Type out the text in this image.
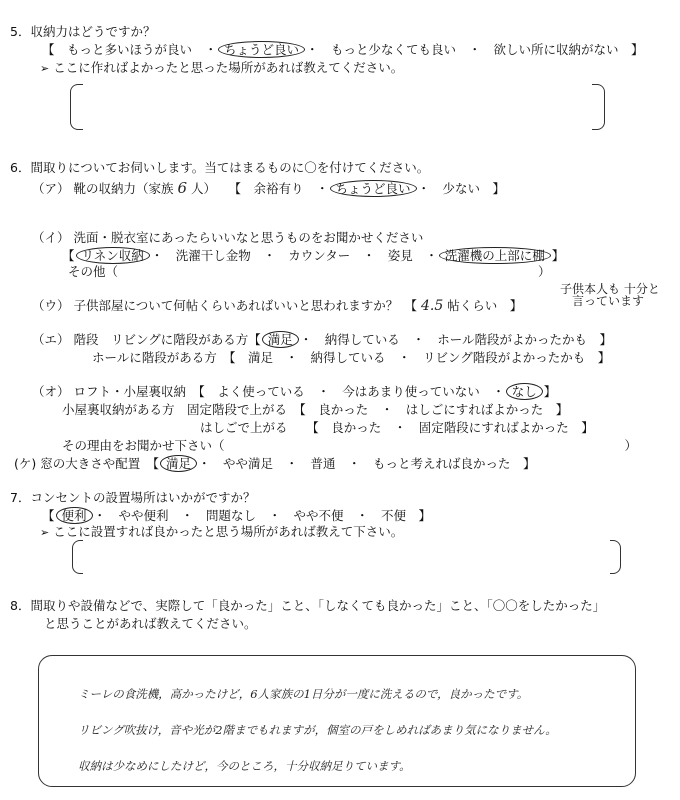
5．収納力はどうですか？
【　もっと多いほうが良い　・ ちょうど良い ・　もっと少なくても良い　・　欲しい所に収納がない　】
➢ ここに作ればよかったと思った場所があれば教えてください。
6．間取りについてお伺いします。当てはまるものに〇を付けてください。
（ア） 靴の収納力（家族 6 人）　　【　余裕有り　・ ちょうど良い ・　少ない　】
（イ） 洗面・脱衣室にあったらいいなと思うものをお聞かせください
【 リネン収納 ・　洗濯干し金物　・　カウンター　・　姿見　・ 洗濯機の上部に棚 】
その他（	）
（ウ） 子供部屋について何帖くらいあればいいと思われますか？　【 4.5 帖くらい　】
子供本人も 十分と
言っています
（エ） 階段　リビングに階段がある方【 満足 ・　納得している　・　ホール階段がよかったかも　】
ホールに階段がある方　【　満足　・　納得している　・　リビング階段がよかったかも　】
（オ） ロフト・小屋裏収納　【　よく使っている　・　今はあまり使っていない　・ なし 】
小屋裏収納がある方　固定階段で上がる　【　良かった　・　はしごにすればよかった　】
はしごで上がる　　【　良かった　・　固定階段にすればよかった　】
その理由をお聞かせ下さい（	）
(ケ) 窓の大きさや配置　【 満足 ・　やや満足　・　普通　・　もっと考えれば良かった　】
7．コンセントの設置場所はいかがですか？
【 便利 ・　やや便利　・　問題なし　・　やや不便　・　不便　】
➢ ここに設置すれば良かったと思う場所があれば教えて下さい。
8．間取りや設備などで、実際して「良かった」こと、「しなくても良かった」こと、「〇〇をしたかった」
と思うことがあれば教えてください。
ミーレの食洗機，高かったけど，6人家族の1日分が一度に洗えるので，良かったです。
リビング吹抜け，音や光が2階までもれますが，個室の戸をしめればあまり気になりません。
収納は少なめにしたけど，今のところ，十分収納足りています。
